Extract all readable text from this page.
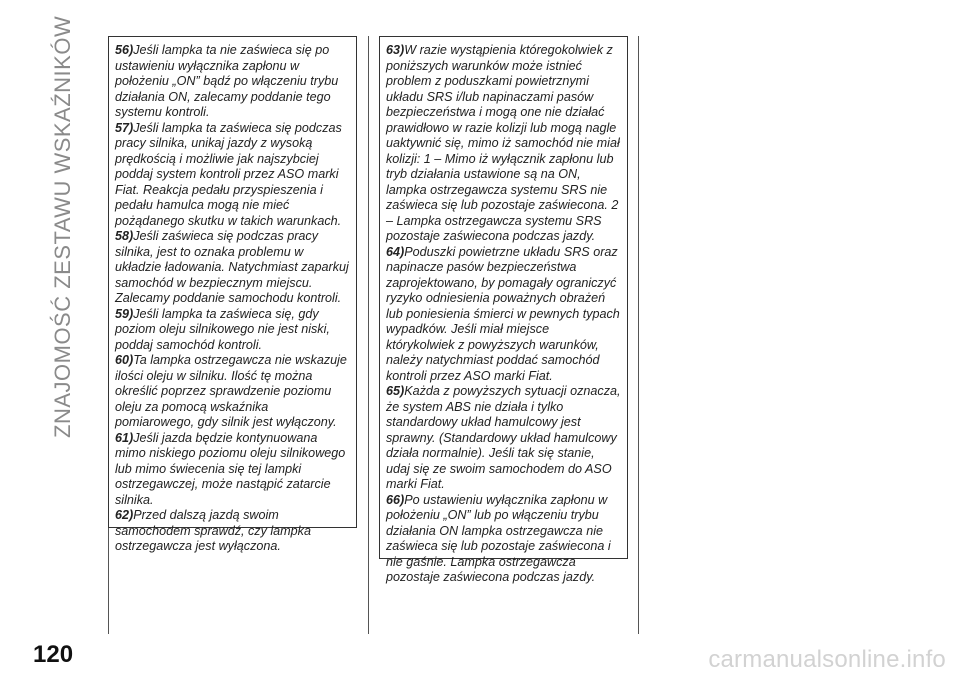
ZNAJOMOŚĆ ZESTAWU WSKAŹNIKÓW	56)Jeśli lampka ta nie zaświeca się po ustawieniu wyłącznika zapłonu w położeniu „ON” bądź po włączeniu trybu działania ON, zalecamy poddanie tego systemu kontroli.

57)Jeśli lampka ta zaświeca się podczas pracy silnika, unikaj jazdy z wysoką prędkością i możliwie jak najszybciej poddaj system kontroli przez ASO marki Fiat. Reakcja pedału przyspieszenia i pedału hamulca mogą nie mieć pożądanego skutku w takich warunkach.

58)Jeśli zaświeca się podczas pracy silnika, jest to oznaka problemu w układzie ładowania. Natychmiast zaparkuj samochód w bezpiecznym miejscu. Zalecamy poddanie samochodu kontroli.

59)Jeśli lampka ta zaświeca się, gdy poziom oleju silnikowego nie jest niski, poddaj samochód kontroli.

60)Ta lampka ostrzegawcza nie wskazuje ilości oleju w silniku. Ilość tę można określić poprzez sprawdzenie poziomu oleju za pomocą wskaźnika pomiarowego, gdy silnik jest wyłączony.

61)Jeśli jazda będzie kontynuowana mimo niskiego poziomu oleju silnikowego lub mimo świecenia się tej lampki ostrzegawczej, może nastąpić zatarcie silnika.

62)Przed dalszą jazdą swoim samochodem sprawdź, czy lampka ostrzegawcza jest wyłączona.

63)W razie wystąpienia któregokolwiek z poniższych warunków może istnieć problem z poduszkami powietrznymi układu SRS i/lub napinaczami pasów bezpieczeństwa i mogą one nie działać prawidłowo w razie kolizji lub mogą nagle uaktywnić się, mimo iż samochód nie miał kolizji: 1 – Mimo iż wyłącznik zapłonu lub tryb działania ustawione są na ON, lampka ostrzegawcza systemu SRS nie zaświeca się lub pozostaje zaświecona. 2 – Lampka ostrzegawcza systemu SRS pozostaje zaświecona podczas jazdy.

64)Poduszki powietrzne układu SRS oraz napinacze pasów bezpieczeństwa zaprojektowano, by pomagały ograniczyć ryzyko odniesienia poważnych obrażeń lub poniesienia śmierci w pewnych typach wypadków. Jeśli miał miejsce którykolwiek z powyższych warunków, należy natychmiast poddać samochód kontroli przez ASO marki Fiat.

65)Każda z powyższych sytuacji oznacza, że system ABS nie działa i tylko standardowy układ hamulcowy jest sprawny. (Standardowy układ hamulcowy działa normalnie). Jeśli tak się stanie, udaj się ze swoim samochodem do ASO marki Fiat.

66)Po ustawieniu wyłącznika zapłonu w położeniu „ON” lub po włączeniu trybu działania ON lampka ostrzegawcza nie zaświeca się lub pozostaje zaświecona i nie gaśnie. Lampka ostrzegawcza pozostaje zaświecona podczas jazdy.

120	carmanualsonline.info
